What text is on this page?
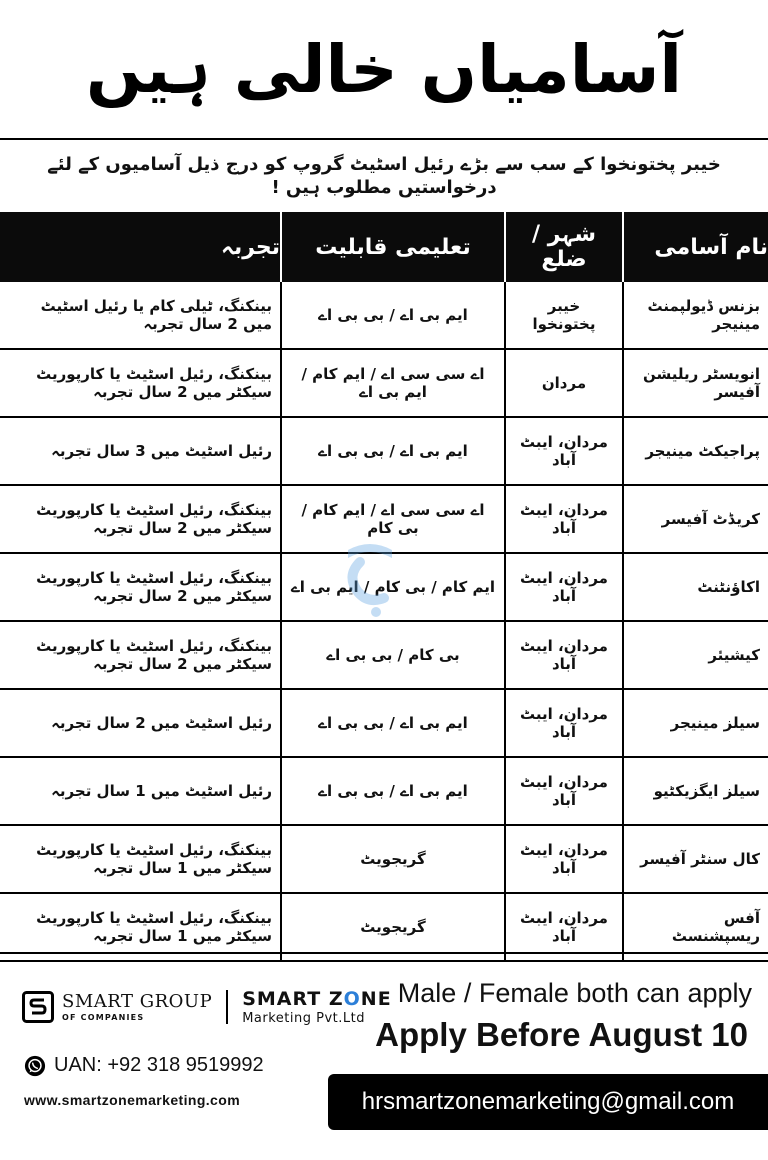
آسامیاں خالی ہیں
خیبر پختونخوا کے سب سے بڑے رئیل اسٹیٹ گروپ کو درج ذیل آسامیوں کے لئے درخواستیں مطلوب ہیں !
نام آسامی	شہر / ضلع	تعلیمی قابلیت	تجربہ
بزنس ڈیولپمنٹ مینیجر	خیبر پختونخوا	ایم بی اے / بی بی اے	بینکنگ، ٹیلی کام یا رئیل اسٹیٹ میں 2 سال تجربہ
انویسٹر ریلیشن آفیسر	مردان	اے سی سی اے / ایم کام / ایم بی اے	بینکنگ، رئیل اسٹیٹ یا کارپوریٹ سیکٹر میں 2 سال تجربہ
پراجیکٹ مینیجر	مردان، ایبٹ آباد	ایم بی اے / بی بی اے	رئیل اسٹیٹ میں 3 سال تجربہ
کریڈٹ آفیسر	مردان، ایبٹ آباد	اے سی سی اے / ایم کام / بی کام	بینکنگ، رئیل اسٹیٹ یا کارپوریٹ سیکٹر میں 2 سال تجربہ
اکاؤنٹنٹ	مردان، ایبٹ آباد	ایم کام / بی کام / ایم بی اے	بینکنگ، رئیل اسٹیٹ یا کارپوریٹ سیکٹر میں 2 سال تجربہ
کیشیئر	مردان، ایبٹ آباد	بی کام / بی بی اے	بینکنگ، رئیل اسٹیٹ یا کارپوریٹ سیکٹر میں 2 سال تجربہ
سیلز مینیجر	مردان، ایبٹ آباد	ایم بی اے / بی بی اے	رئیل اسٹیٹ میں 2 سال تجربہ
سیلز ایگزیکٹیو	مردان، ایبٹ آباد	ایم بی اے / بی بی اے	رئیل اسٹیٹ میں 1 سال تجربہ
کال سنٹر آفیسر	مردان، ایبٹ آباد	گریجویٹ	بینکنگ، رئیل اسٹیٹ یا کارپوریٹ سیکٹر میں 1 سال تجربہ
آفس ریسپشنسٹ	مردان، ایبٹ آباد	گریجویٹ	بینکنگ، رئیل اسٹیٹ یا کارپوریٹ سیکٹر میں 1 سال تجربہ
SMART GROUP
OF COMPANIES
SMART ZONE
Marketing Pvt.Ltd
Male / Female both can apply
Apply Before August 10
UAN: +92 318 9519992
www.smartzonemarketing.com	hrsmartzonemarketing@gmail.com
